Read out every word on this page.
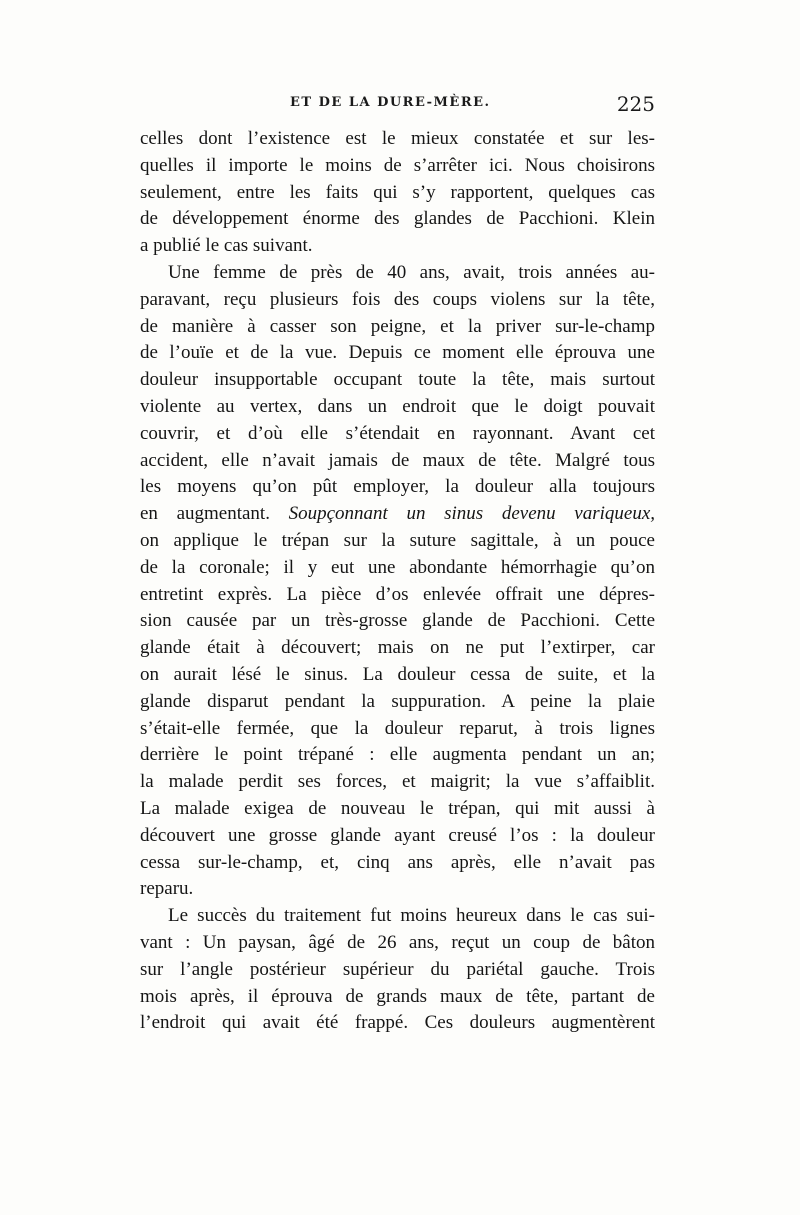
ET DE LA DURE-MÈRE.	225
celles dont l’existence est le mieux constatée et sur les-
quelles il importe le moins de s’arrêter ici. Nous choisirons
seulement, entre les faits qui s’y rapportent, quelques cas
de développement énorme des glandes de Pacchioni. Klein
a publié le cas suivant.
Une femme de près de 40 ans, avait, trois années au-
paravant, reçu plusieurs fois des coups violens sur la tête,
de manière à casser son peigne, et la priver sur-le-champ
de l’ouïe et de la vue. Depuis ce moment elle éprouva une
douleur insupportable occupant toute la tête, mais surtout
violente au vertex, dans un endroit que le doigt pouvait
couvrir, et d’où elle s’étendait en rayonnant. Avant cet
accident, elle n’avait jamais de maux de tête. Malgré tous
les moyens qu’on pût employer, la douleur alla toujours
en augmentant. Soupçonnant un sinus devenu variqueux,
on applique le trépan sur la suture sagittale, à un pouce
de la coronale; il y eut une abondante hémorrhagie qu’on
entretint exprès. La pièce d’os enlevée offrait une dépres-
sion causée par un très-grosse glande de Pacchioni. Cette
glande était à découvert; mais on ne put l’extirper, car
on aurait lésé le sinus. La douleur cessa de suite, et la
glande disparut pendant la suppuration. A peine la plaie
s’était-elle fermée, que la douleur reparut, à trois lignes
derrière le point trépané : elle augmenta pendant un an;
la malade perdit ses forces, et maigrit; la vue s’affaiblit.
La malade exigea de nouveau le trépan, qui mit aussi à
découvert une grosse glande ayant creusé l’os : la douleur
cessa sur-le-champ, et, cinq ans après, elle n’avait pas
reparu.
Le succès du traitement fut moins heureux dans le cas sui-
vant : Un paysan, âgé de 26 ans, reçut un coup de bâton
sur l’angle postérieur supérieur du pariétal gauche. Trois
mois après, il éprouva de grands maux de tête, partant de
l’endroit qui avait été frappé. Ces douleurs augmentèrent
